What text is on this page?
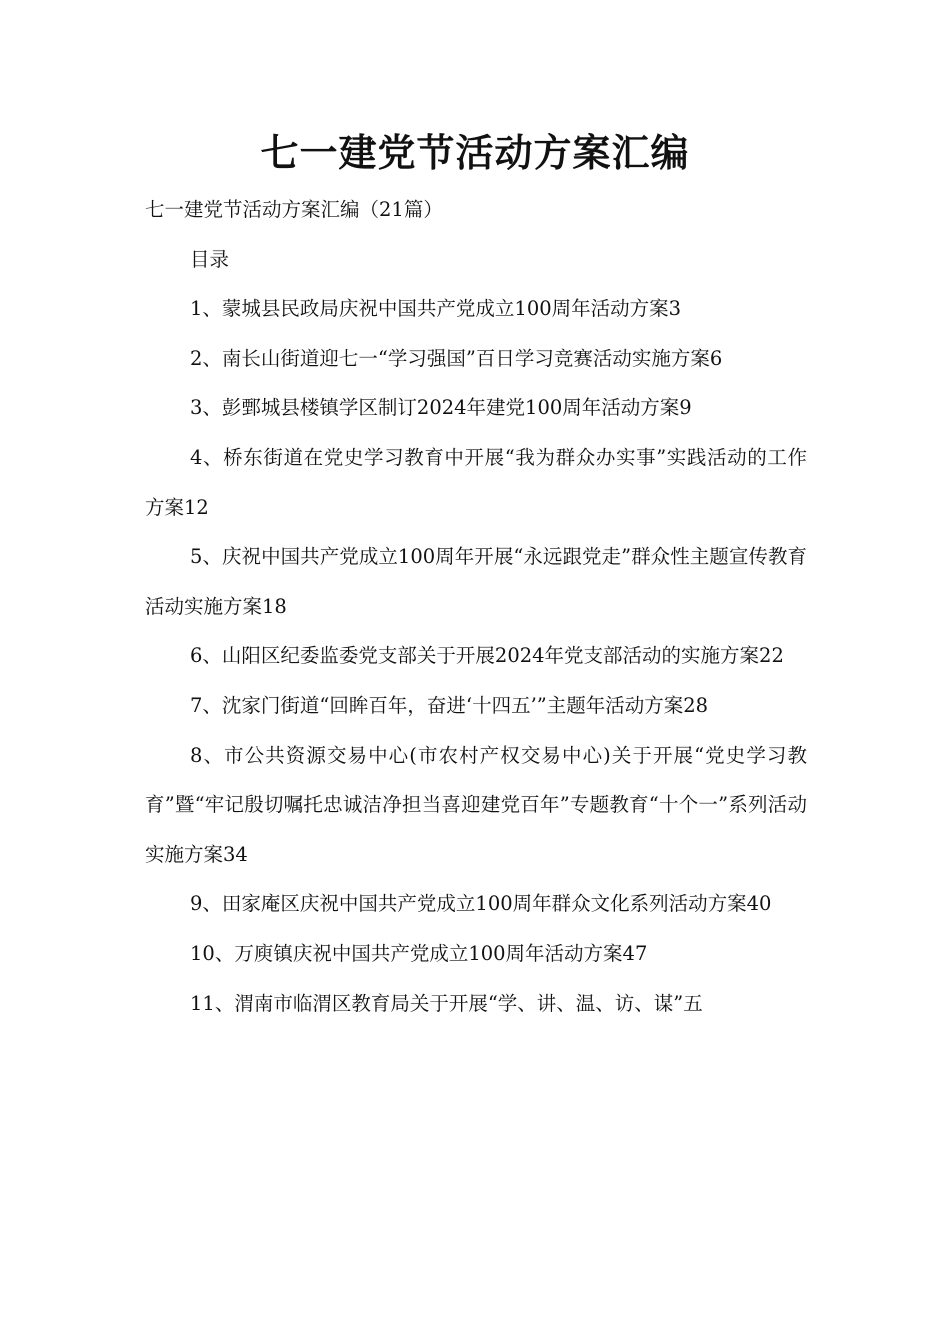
七一建党节活动方案汇编

七一建党节活动方案汇编（21篇）

目录

1、蒙城县民政局庆祝中国共产党成立100周年活动方案3

2、南长山街道迎七一“学习强国”百日学习竞赛活动实施方案6

3、彭鄄城县楼镇学区制订2024年建党100周年活动方案9

4、桥东街道在党史学习教育中开展“我为群众办实事”实践活动的工作方案12

5、庆祝中国共产党成立100周年开展“永远跟党走”群众性主题宣传教育活动实施方案18

6、山阳区纪委监委党支部关于开展2024年党支部活动的实施方案22

7、沈家门街道“回眸百年，奋进‘十四五’”主题年活动方案28

8、市公共资源交易中心(市农村产权交易中心)关于开展“党史学习教育”暨“牢记殷切嘱托忠诚洁净担当喜迎建党百年”专题教育“十个一”系列活动实施方案34

9、田家庵区庆祝中国共产党成立100周年群众文化系列活动方案40

10、万庾镇庆祝中国共产党成立100周年活动方案47

11、渭南市临渭区教育局关于开展“学、讲、温、访、谋”五
